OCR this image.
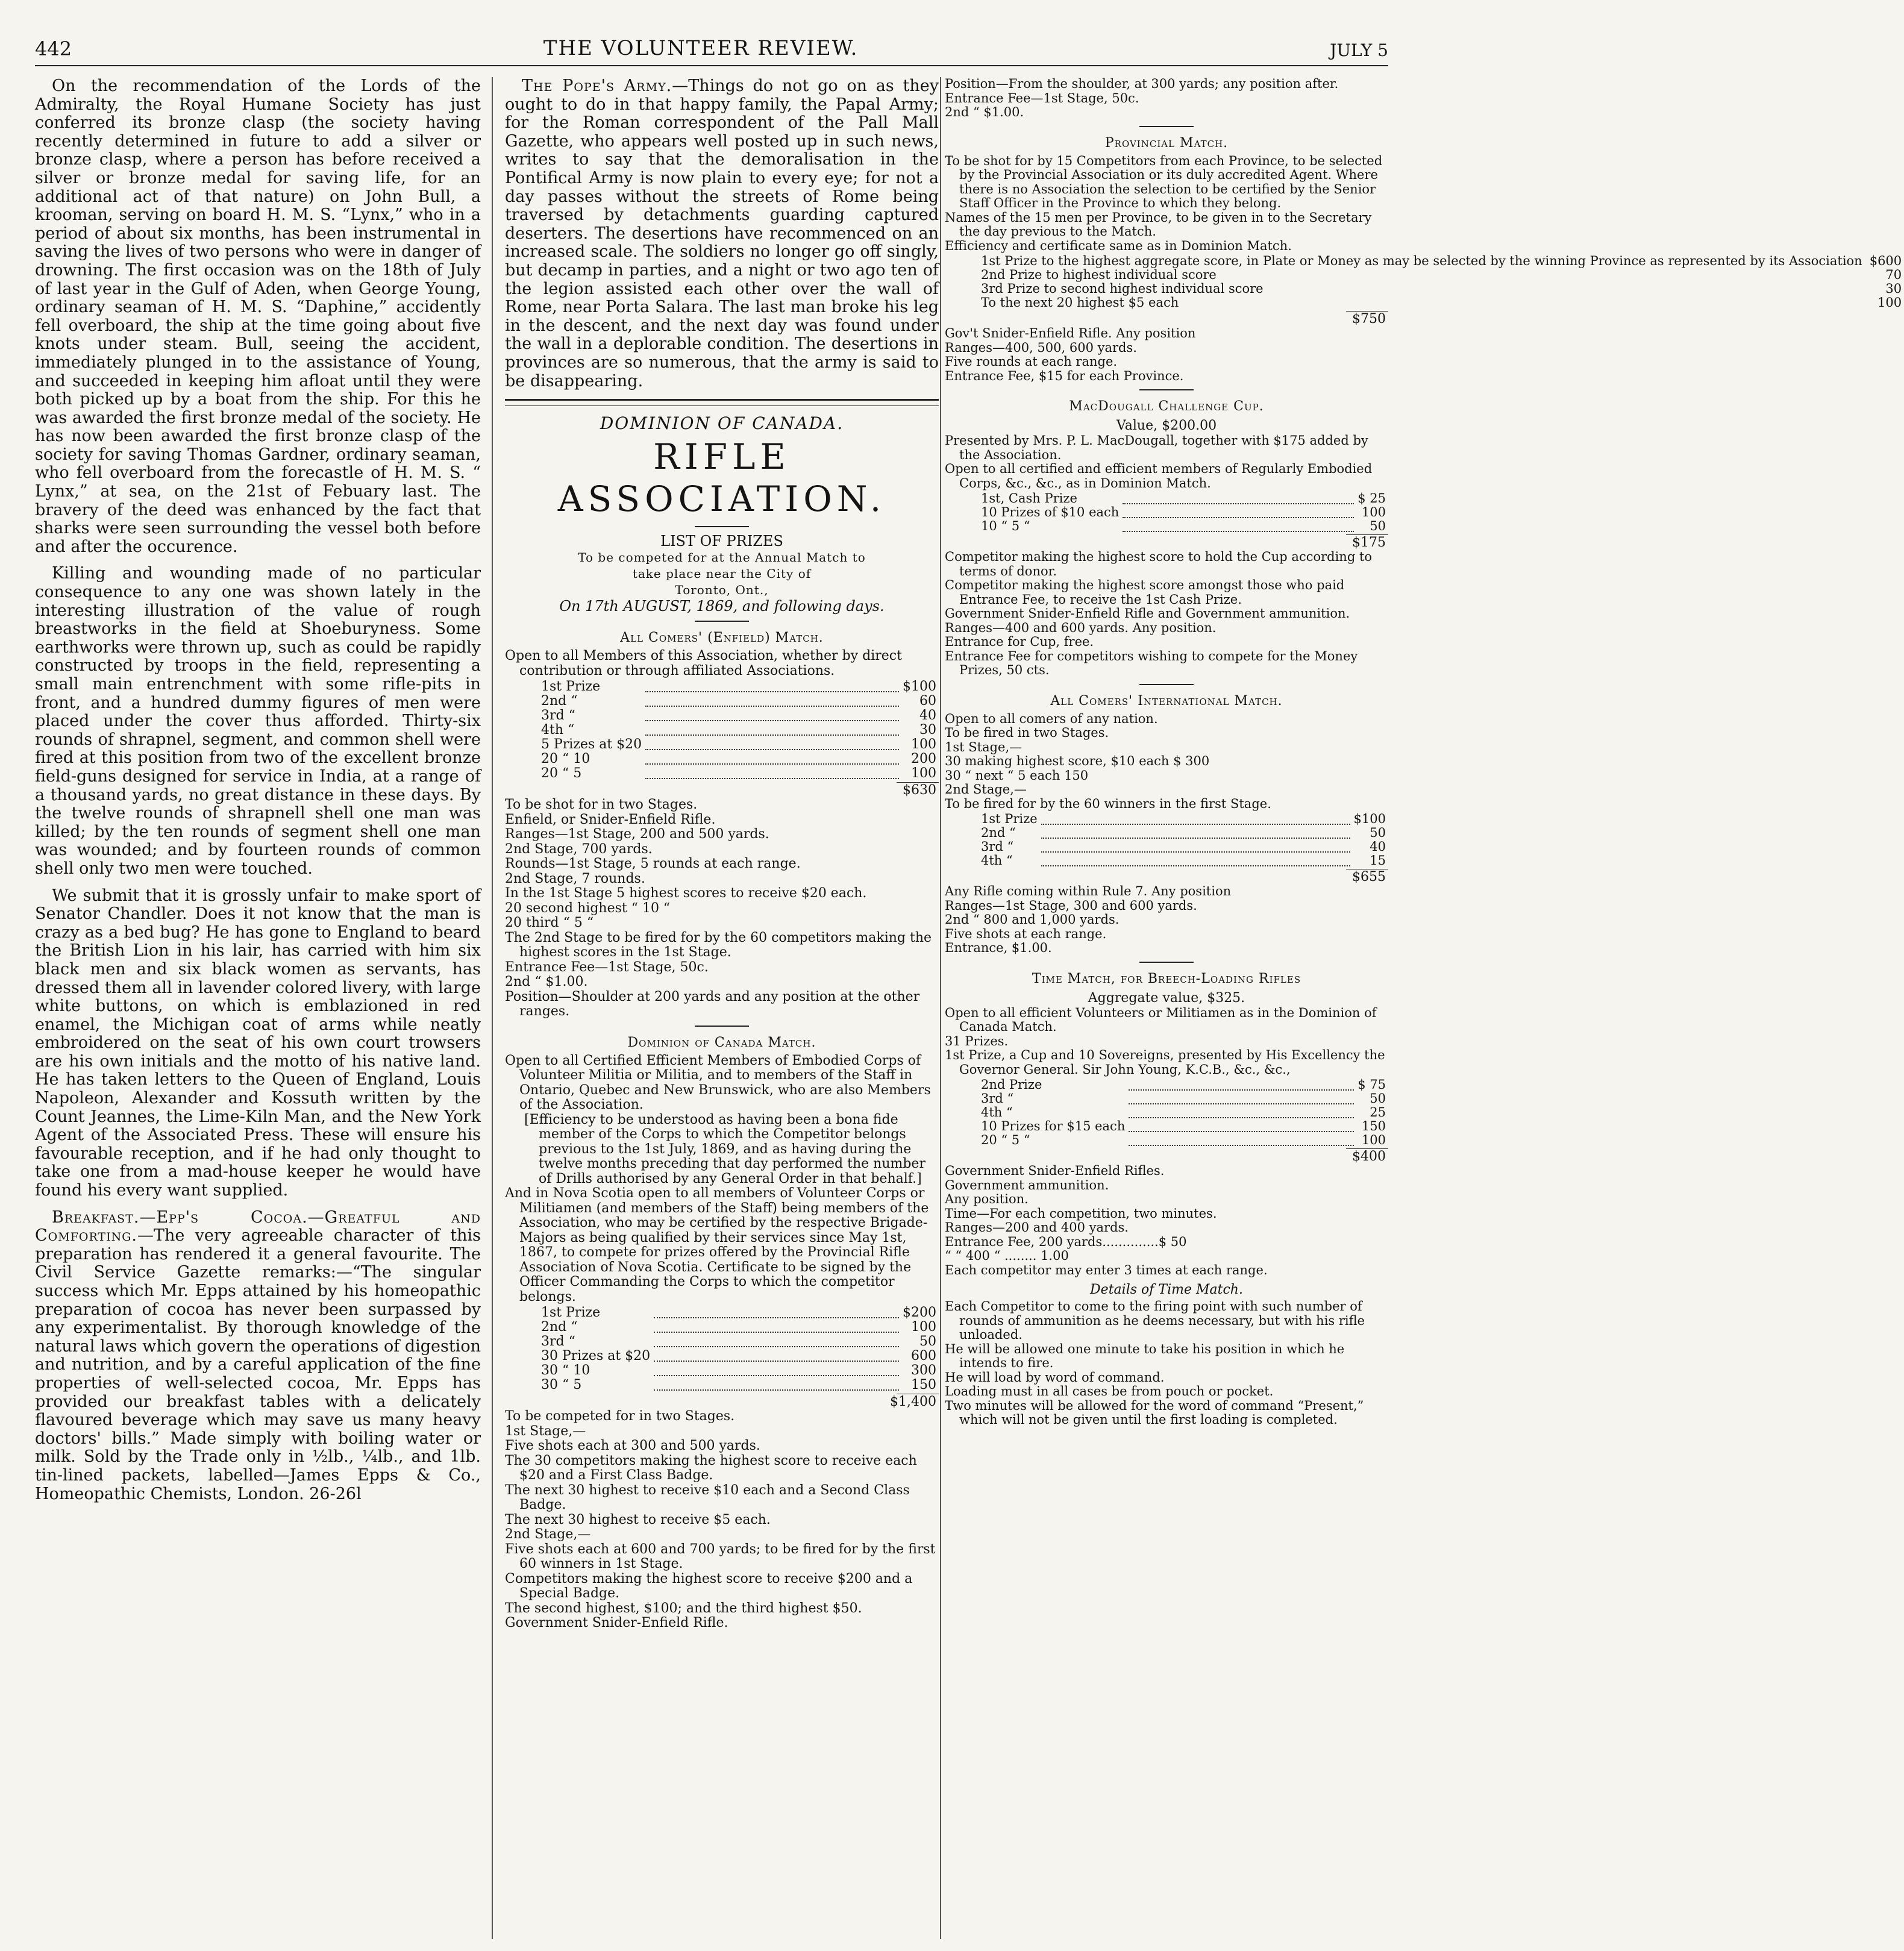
442	THE VOLUNTEER REVIEW.	JULY 5

On the recommendation of the Lords of the Admiralty, the Royal Humane Society has just conferred its bronze clasp (the society having recently determined in future to add a silver or bronze clasp, where a person has before received a silver or bronze medal for saving life, for an additional act of that nature) on John Bull, a krooman, serving on board H. M. S. “Lynx,” who in a period of about six months, has been instrumental in saving the lives of two persons who were in danger of drowning. The first occasion was on the 18th of July of last year in the Gulf of Aden, when George Young, ordinary seaman of H. M. S. “Daphine,” accidently fell overboard, the ship at the time going about five knots under steam. Bull, seeing the accident, immediately plunged in to the assistance of Young, and succeeded in keeping him afloat until they were both picked up by a boat from the ship. For this he was awarded the first bronze medal of the society. He has now been awarded the first bronze clasp of the society for saving Thomas Gardner, ordinary seaman, who fell overboard from the forecastle of H. M. S. “ Lynx,” at sea, on the 21st of Febuary last. The bravery of the deed was enhanced by the fact that sharks were seen surrounding the vessel both before and after the occurence.

Killing and wounding made of no particular consequence to any one was shown lately in the interesting illustration of the value of rough breastworks in the field at Shoeburyness. Some earthworks were thrown up, such as could be rapidly constructed by troops in the field, representing a small main entrenchment with some rifle-pits in front, and a hundred dummy figures of men were placed under the cover thus afforded. Thirty-six rounds of shrapnel, segment, and common shell were fired at this position from two of the excellent bronze field-guns designed for service in India, at a range of a thousand yards, no great distance in these days. By the twelve rounds of shrapnell shell one man was killed; by the ten rounds of segment shell one man was wounded; and by fourteen rounds of common shell only two men were touched.

We submit that it is grossly unfair to make sport of Senator Chandler. Does it not know that the man is crazy as a bed bug? He has gone to England to beard the British Lion in his lair, has carried with him six black men and six black women as servants, has dressed them all in lavender colored livery, with large white buttons, on which is emblazioned in red enamel, the Michigan coat of arms while neatly embroidered on the seat of his own court trowsers are his own initials and the motto of his native land. He has taken letters to the Queen of England, Louis Napoleon, Alexander and Kossuth written by the Count Jeannes, the Lime-Kiln Man, and the New York Agent of the Associated Press. These will ensure his favourable reception, and if he had only thought to take one from a mad-house keeper he would have found his every want supplied.

Breakfast.—Epp's Cocoa.—Greatful and Comforting.—The very agreeable character of this preparation has rendered it a general favourite. The Civil Service Gazette remarks:—“The singular success which Mr. Epps attained by his homeopathic preparation of cocoa has never been surpassed by any experimentalist. By thorough knowledge of the natural laws which govern the operations of digestion and nutrition, and by a careful application of the fine properties of well-selected cocoa, Mr. Epps has provided our breakfast tables with a delicately flavoured beverage which may save us many heavy doctors' bills.” Made simply with boiling water or milk. Sold by the Trade only in ½lb., ¼lb., and 1lb. tin-lined packets, labelled—James Epps & Co., Homeopathic Chemists, London. 26-26l

The Pope's Army.—Things do not go on as they ought to do in that happy family, the Papal Army; for the Roman correspondent of the Pall Mall Gazette, who appears well posted up in such news, writes to say that the demoralisation in the Pontifical Army is now plain to every eye; for not a day passes without the streets of Rome being traversed by detachments guarding captured deserters. The desertions have recommenced on an increased scale. The soldiers no longer go off singly, but decamp in parties, and a night or two ago ten of the legion assisted each other over the wall of Rome, near Porta Salara. The last man broke his leg in the descent, and the next day was found under the wall in a deplorable condition. The desertions in provinces are so numerous, that the army is said to be disappearing.

DOMINION OF CANADA.
RIFLE ASSOCIATION.
LIST OF PRIZES
To be competed for at the Annual Match to
take place near the City of
Toronto, Ont.,
On 17th AUGUST, 1869, and following days.
All Comers' (Enfield) Match.

Open to all Members of this Association, whether by direct contribution or through affiliated Associations.

1st Prize		$100
2nd “		60
3rd “		40
4th “		30
5 Prizes at $20		100
20 “ 10		200
20 “ 5		100
$630

To be shot for in two Stages.

Enfield, or Snider-Enfield Rifle.

Ranges—1st Stage, 200 and 500 yards.

2nd Stage, 700 yards.

Rounds—1st Stage, 5 rounds at each range.

2nd Stage, 7 rounds.

In the 1st Stage 5 highest scores to receive $20 each.

20 second highest “ 10 “

20 third “ 5 “

The 2nd Stage to be fired for by the 60 competitors making the highest scores in the 1st Stage.

Entrance Fee—1st Stage, 50c.

2nd “ $1.00.

Position—Shoulder at 200 yards and any position at the other ranges.

Dominion of Canada Match.

Open to all Certified Efficient Members of Embodied Corps of Volunteer Militia or Militia, and to members of the Staff in Ontario, Quebec and New Brunswick, who are also Members of the Association.

[Efficiency to be understood as having been a bona fide member of the Corps to which the Competitor belongs previous to the 1st July, 1869, and as having during the twelve months preceding that day performed the number of Drills authorised by any General Order in that behalf.]

And in Nova Scotia open to all members of Volunteer Corps or Militiamen (and members of the Staff) being members of the Association, who may be certified by the respective Brigade-Majors as being qualified by their services since May 1st, 1867, to compete for prizes offered by the Provincial Rifle Association of Nova Scotia. Certificate to be signed by the Officer Commanding the Corps to which the competitor belongs.

1st Prize		$200
2nd “		100
3rd “		50
30 Prizes at $20		600
30 “ 10		300
30 “ 5		150
$1,400

To be competed for in two Stages.

1st Stage,—

Five shots each at 300 and 500 yards.

The 30 competitors making the highest score to receive each $20 and a First Class Badge.

The next 30 highest to receive $10 each and a Second Class Badge.

The next 30 highest to receive $5 each.

2nd Stage,—

Five shots each at 600 and 700 yards; to be fired for by the first 60 winners in 1st Stage.

Competitors making the highest score to receive $200 and a Special Badge.

The second highest, $100; and the third highest $50.

Government Snider-Enfield Rifle.

Position—From the shoulder, at 300 yards; any position after.

Entrance Fee—1st Stage, 50c.

2nd “ $1.00.

Provincial Match.

To be shot for by 15 Competitors from each Province, to be selected by the Provincial Association or its duly accredited Agent. Where there is no Association the selection to be certified by the Senior Staff Officer in the Province to which they belong.

Names of the 15 men per Province, to be given in to the Secretary the day previous to the Match.

Efficiency and certificate same as in Dominion Match.

1st Prize to the highest aggregate score, in Plate or Money as may be selected by the winning Province as represented by its Association		$600
2nd Prize to highest individual score		70
3rd Prize to second highest individual score		30
To the next 20 highest $5 each		100
$750

Gov't Snider-Enfield Rifle. Any position

Ranges—400, 500, 600 yards.

Five rounds at each range.

Entrance Fee, $15 for each Province.

MacDougall Challenge Cup.
Value, $200.00

Presented by Mrs. P. L. MacDougall, together with $175 added by the Association.

Open to all certified and efficient members of Regularly Embodied Corps, &c., &c., as in Dominion Match.

1st, Cash Prize		$ 25
10 Prizes of $10 each		100
10 “ 5 “		50
$175

Competitor making the highest score to hold the Cup according to terms of donor.

Competitor making the highest score amongst those who paid Entrance Fee, to receive the 1st Cash Prize.

Government Snider-Enfield Rifle and Government ammunition.

Ranges—400 and 600 yards. Any position.

Entrance for Cup, free.

Entrance Fee for competitors wishing to compete for the Money Prizes, 50 cts.

All Comers' International Match.

Open to all comers of any nation.

To be fired in two Stages.

1st Stage,—

30 making highest score, $10 each $ 300

30 “ next “ 5 each 150

2nd Stage,—

To be fired for by the 60 winners in the first Stage.

1st Prize		$100
2nd “		50
3rd “		40
4th “		15
$655

Any Rifle coming within Rule 7. Any position

Ranges—1st Stage, 300 and 600 yards.

2nd “ 800 and 1,000 yards.

Five shots at each range.

Entrance, $1.00.

Time Match, for Breech-Loading Rifles
Aggregate value, $325.

Open to all efficient Volunteers or Militiamen as in the Dominion of Canada Match.

31 Prizes.

1st Prize, a Cup and 10 Sovereigns, presented by His Excellency the Governor General. Sir John Young, K.C.B., &c., &c.,

2nd Prize		$ 75
3rd “		50
4th “		25
10 Prizes for $15 each		150
20 “ 5 “		100
$400

Government Snider-Enfield Rifles.

Government ammunition.

Any position.

Time—For each competition, two minutes.

Ranges—200 and 400 yards.

Entrance Fee, 200 yards..............$ 50

“ “ 400 “ ........ 1.00

Each competitor may enter 3 times at each range.

Details of Time Match.

Each Competitor to come to the firing point with such number of rounds of ammunition as he deems necessary, but with his rifle unloaded.

He will be allowed one minute to take his position in which he intends to fire.

He will load by word of command.

Loading must in all cases be from pouch or pocket.

Two minutes will be allowed for the word of command “Present,” which will not be given until the first loading is completed.
